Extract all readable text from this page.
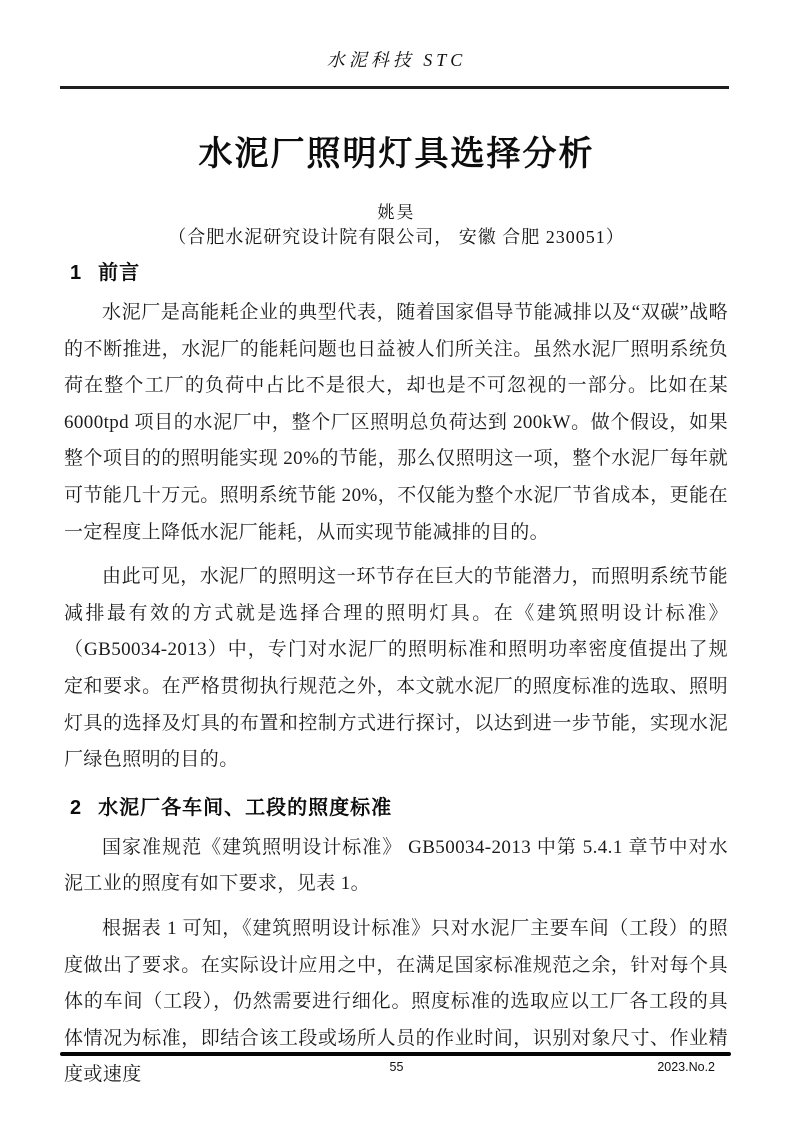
水泥科技 STC
水泥厂照明灯具选择分析
姚昊
（合肥水泥研究设计院有限公司， 安徽 合肥 230051）
1 前言

水泥厂是高能耗企业的典型代表，随着国家倡导节能减排以及“双碳”战略的不断推进，水泥厂的能耗问题也日益被人们所关注。虽然水泥厂照明系统负荷在整个工厂的负荷中占比不是很大，却也是不可忽视的一部分。比如在某 6000tpd 项目的水泥厂中，整个厂区照明总负荷达到 200kW。做个假设，如果整个项目的的照明能实现 20%的节能，那么仅照明这一项，整个水泥厂每年就可节能几十万元。照明系统节能 20%，不仅能为整个水泥厂节省成本，更能在一定程度上降低水泥厂能耗，从而实现节能减排的目的。

由此可见，水泥厂的照明这一环节存在巨大的节能潜力，而照明系统节能减排最有效的方式就是选择合理的照明灯具。在《建筑照明设计标准》（GB50034-2013）中，专门对水泥厂的照明标准和照明功率密度值提出了规定和要求。在严格贯彻执行规范之外，本文就水泥厂的照度标准的选取、照明灯具的选择及灯具的布置和控制方式进行探讨，以达到进一步节能，实现水泥厂绿色照明的目的。

2 水泥厂各车间、工段的照度标准

国家准规范《建筑照明设计标准》 GB50034-2013 中第 5.4.1 章节中对水泥工业的照度有如下要求，见表 1。

根据表 1 可知，《建筑照明设计标准》只对水泥厂主要车间（工段）的照度做出了要求。在实际设计应用之中，在满足国家标准规范之余，针对每个具体的车间（工段），仍然需要进行细化。照度标准的选取应以工厂各工段的具体情况为标准，即结合该工段或场所人员的作业时间，识别对象尺寸、作业精度或速度	55	2023.No.2
